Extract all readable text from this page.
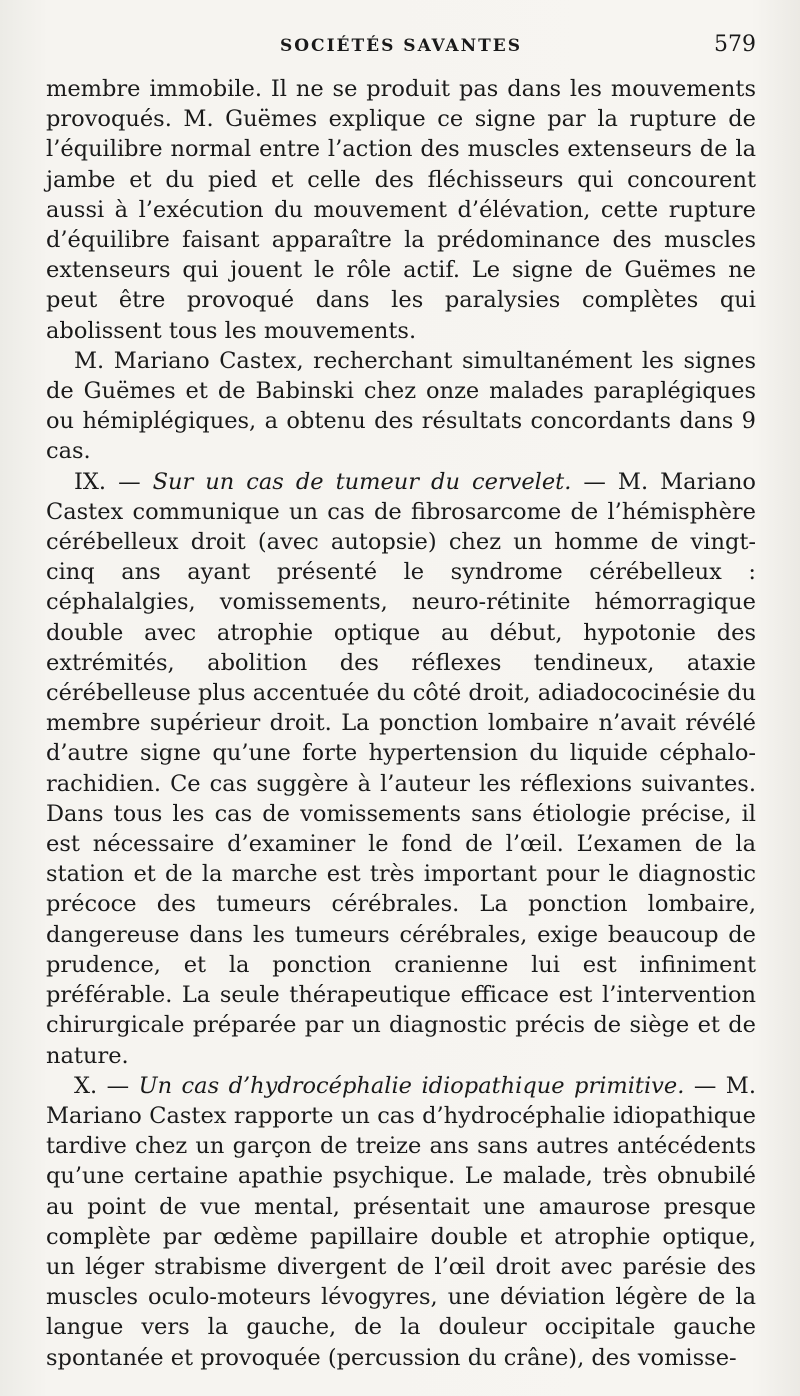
SOCIÉTÉS SAVANTES	579

membre immobile. Il ne se produit pas dans les mouvements provoqués. M. Guëmes explique ce signe par la rupture de l’équilibre normal entre l’action des muscles extenseurs de la jambe et du pied et celle des fléchisseurs qui concourent aussi à l’exécution du mouvement d’élévation, cette rupture d’équilibre faisant apparaître la prédominance des muscles extenseurs qui jouent le rôle actif. Le signe de Guëmes ne peut être provoqué dans les paralysies complètes qui abolissent tous les mouvements.

M. Mariano Castex, recherchant simultanément les signes de Guëmes et de Babinski chez onze malades paraplégiques ou hémiplégiques, a obtenu des résultats concordants dans 9 cas.

IX. — Sur un cas de tumeur du cervelet. — M. Mariano Castex communique un cas de fibrosarcome de l’hémisphère cérébelleux droit (avec autopsie) chez un homme de vingt-cinq ans ayant présenté le syndrome cérébelleux : céphalalgies, vomissements, neuro-rétinite hémorragique double avec atrophie optique au début, hypotonie des extrémités, abolition des réflexes tendineux, ataxie cérébelleuse plus accentuée du côté droit, adiadococinésie du membre supérieur droit. La ponction lombaire n’avait révélé d’autre signe qu’une forte hypertension du liquide céphalo-rachidien. Ce cas suggère à l’auteur les réflexions suivantes. Dans tous les cas de vomissements sans étiologie précise, il est nécessaire d’examiner le fond de l’œil. L’examen de la station et de la marche est très important pour le diagnostic précoce des tumeurs cérébrales. La ponction lombaire, dangereuse dans les tumeurs cérébrales, exige beaucoup de prudence, et la ponction cranienne lui est infiniment préférable. La seule thérapeutique efficace est l’intervention chirurgicale préparée par un diagnostic précis de siège et de nature.

X. — Un cas d’hydrocéphalie idiopathique primitive. — M. Mariano Castex rapporte un cas d’hydrocéphalie idiopathique tardive chez un garçon de treize ans sans autres antécédents qu’une certaine apathie psychique. Le malade, très obnubilé au point de vue mental, présentait une amaurose presque complète par œdème papillaire double et atrophie optique, un léger strabisme divergent de l’œil droit avec parésie des muscles oculo-moteurs lévogyres, une déviation légère de la langue vers la gauche, de la douleur occipitale gauche spontanée et provoquée (percussion du crâne), des vomisse-
